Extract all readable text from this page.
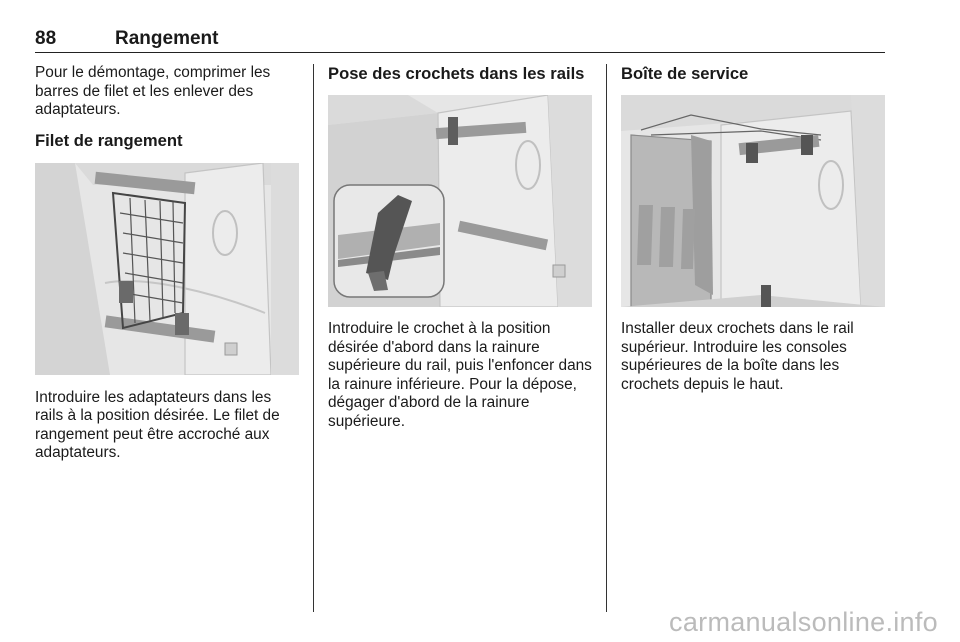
88	Rangement

Pour le démontage, comprimer les barres de filet et les enlever des adaptateurs.

Filet de rangement

Introduire les adaptateurs dans les rails à la position désirée. Le filet de rangement peut être accroché aux adaptateurs.

Pose des crochets dans les rails

Introduire le crochet à la position désirée d'abord dans la rainure supérieure du rail, puis l'enfoncer dans la rainure inférieure. Pour la dépose, dégager d'abord de la rainure supérieure.

Boîte de service

Installer deux crochets dans le rail supérieur. Introduire les consoles supérieures de la boîte dans les crochets depuis le haut.

carmanualsonline.info
